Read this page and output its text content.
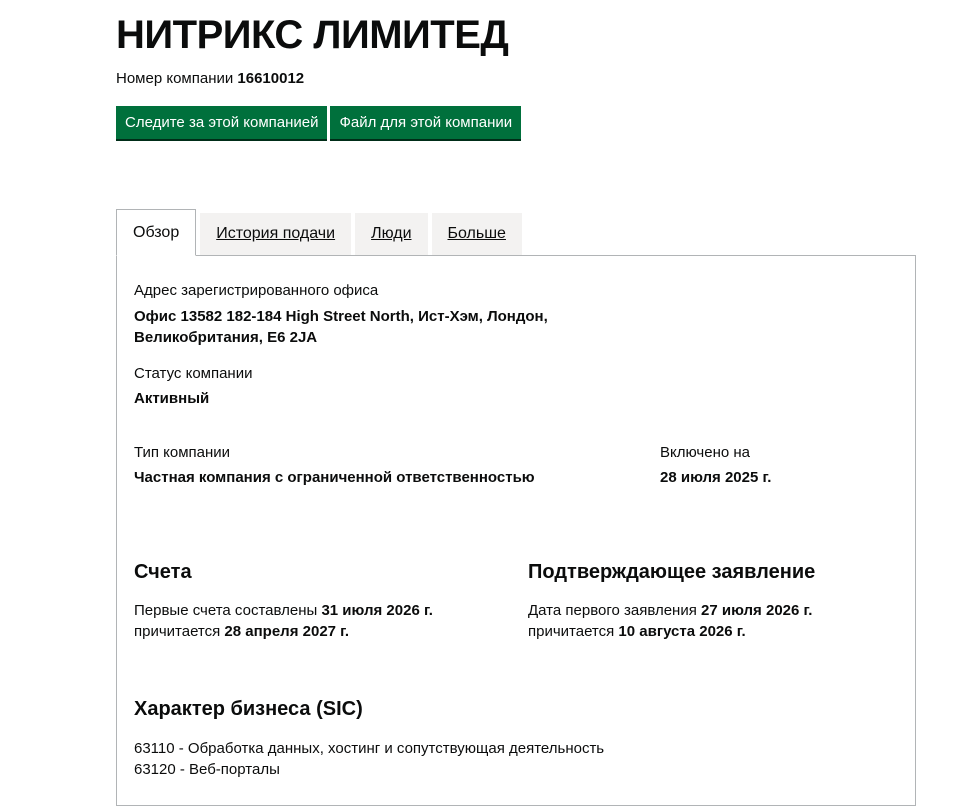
НИТРИКС ЛИМИТЕД
Номер компании 16610012
Следите за этой компанией	Файл для этой компании
Обзор	История подачи	Люди	Больше
Адрес зарегистрированного офиса
Офис 13582 182-184 High Street North, Ист-Хэм, Лондон,
Великобритания, E6 2JA
Статус компании
Активный
Тип компании
Частная компания с ограниченной ответственностью
Включено на
28 июля 2025 г.
Счета
Первые счета составлены 31 июля 2026 г.
причитается 28 апреля 2027 г.
Подтверждающее заявление
Дата первого заявления 27 июля 2026 г.
причитается 10 августа 2026 г.
Характер бизнеса (SIC)
63110 - Обработка данных, хостинг и сопутствующая деятельность
63120 - Веб-порталы
